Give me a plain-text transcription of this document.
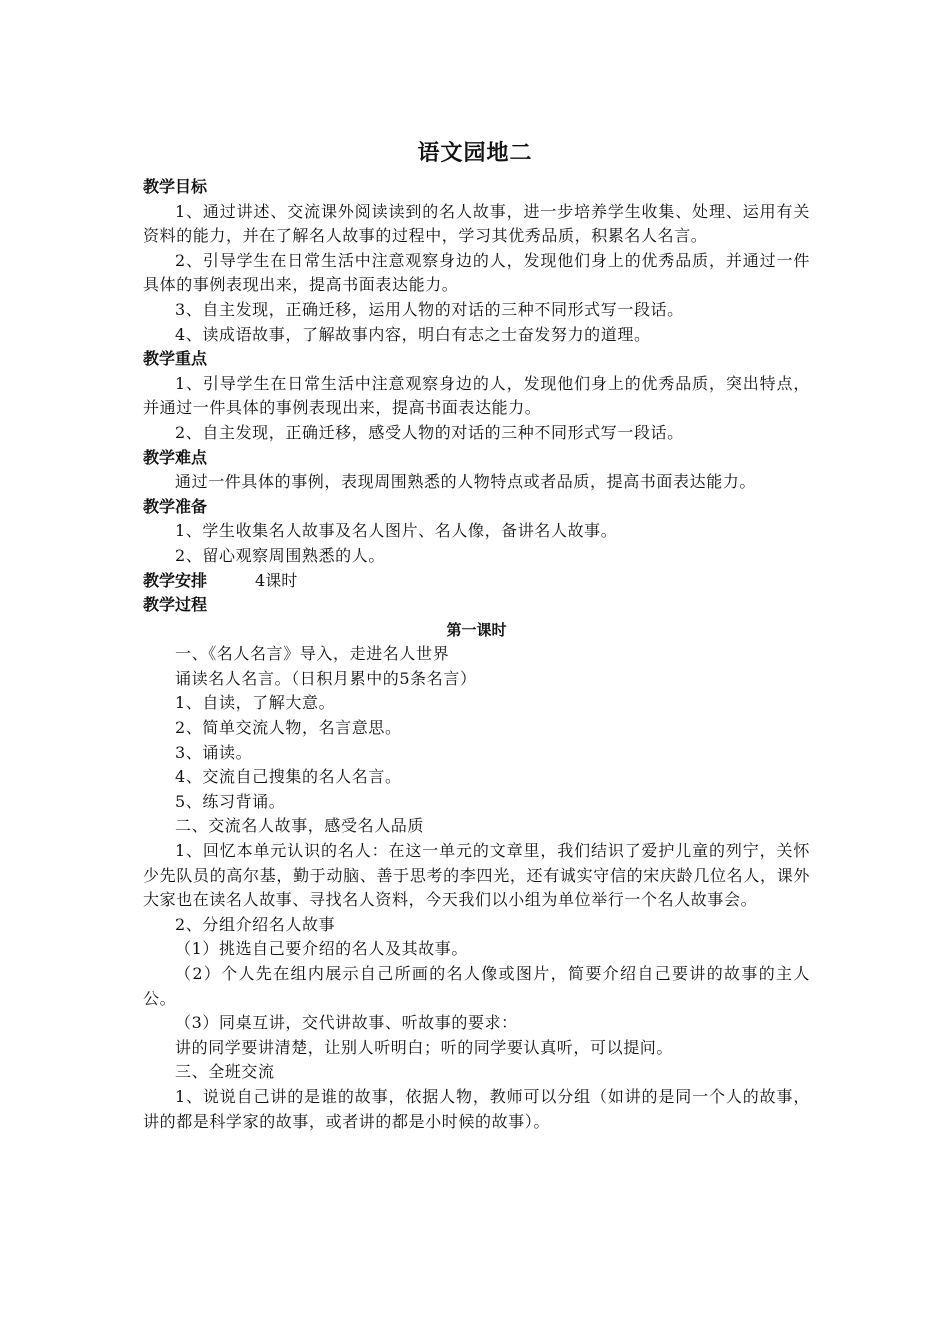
语文园地二
教学目标
1、通过讲述、交流课外阅读读到的名人故事，进一步培养学生收集、处理、运用有关资料的能力，并在了解名人故事的过程中，学习其优秀品质，积累名人名言。
2、引导学生在日常生活中注意观察身边的人，发现他们身上的优秀品质，并通过一件具体的事例表现出来，提高书面表达能力。
3、自主发现，正确迁移，运用人物的对话的三种不同形式写一段话。
4、读成语故事，了解故事内容，明白有志之士奋发努力的道理。
教学重点
1、引导学生在日常生活中注意观察身边的人，发现他们身上的优秀品质，突出特点，并通过一件具体的事例表现出来，提高书面表达能力。
2、自主发现，正确迁移，感受人物的对话的三种不同形式写一段话。
教学难点
通过一件具体的事例，表现周围熟悉的人物特点或者品质，提高书面表达能力。
教学准备
1、学生收集名人故事及名人图片、名人像，备讲名人故事。
2、留心观察周围熟悉的人。
教学安排	4课时
教学过程
第一课时
一、《名人名言》导入，走进名人世界
诵读名人名言。（日积月累中的5条名言）
1、自读，了解大意。
2、简单交流人物，名言意思。
3、诵读。
4、交流自己搜集的名人名言。
5、练习背诵。
二、交流名人故事，感受名人品质
1、回忆本单元认识的名人：在这一单元的文章里，我们结识了爱护儿童的列宁，关怀少先队员的高尔基，勤于动脑、善于思考的李四光，还有诚实守信的宋庆龄几位名人，课外大家也在读名人故事、寻找名人资料，今天我们以小组为单位举行一个名人故事会。
2、分组介绍名人故事
（1）挑选自己要介绍的名人及其故事。
（2）个人先在组内展示自己所画的名人像或图片，简要介绍自己要讲的故事的主人公。
（3）同桌互讲，交代讲故事、听故事的要求：
讲的同学要讲清楚，让别人听明白；听的同学要认真听，可以提问。
三、全班交流
1、说说自己讲的是谁的故事，依据人物，教师可以分组（如讲的是同一个人的故事，讲的都是科学家的故事，或者讲的都是小时候的故事）。
